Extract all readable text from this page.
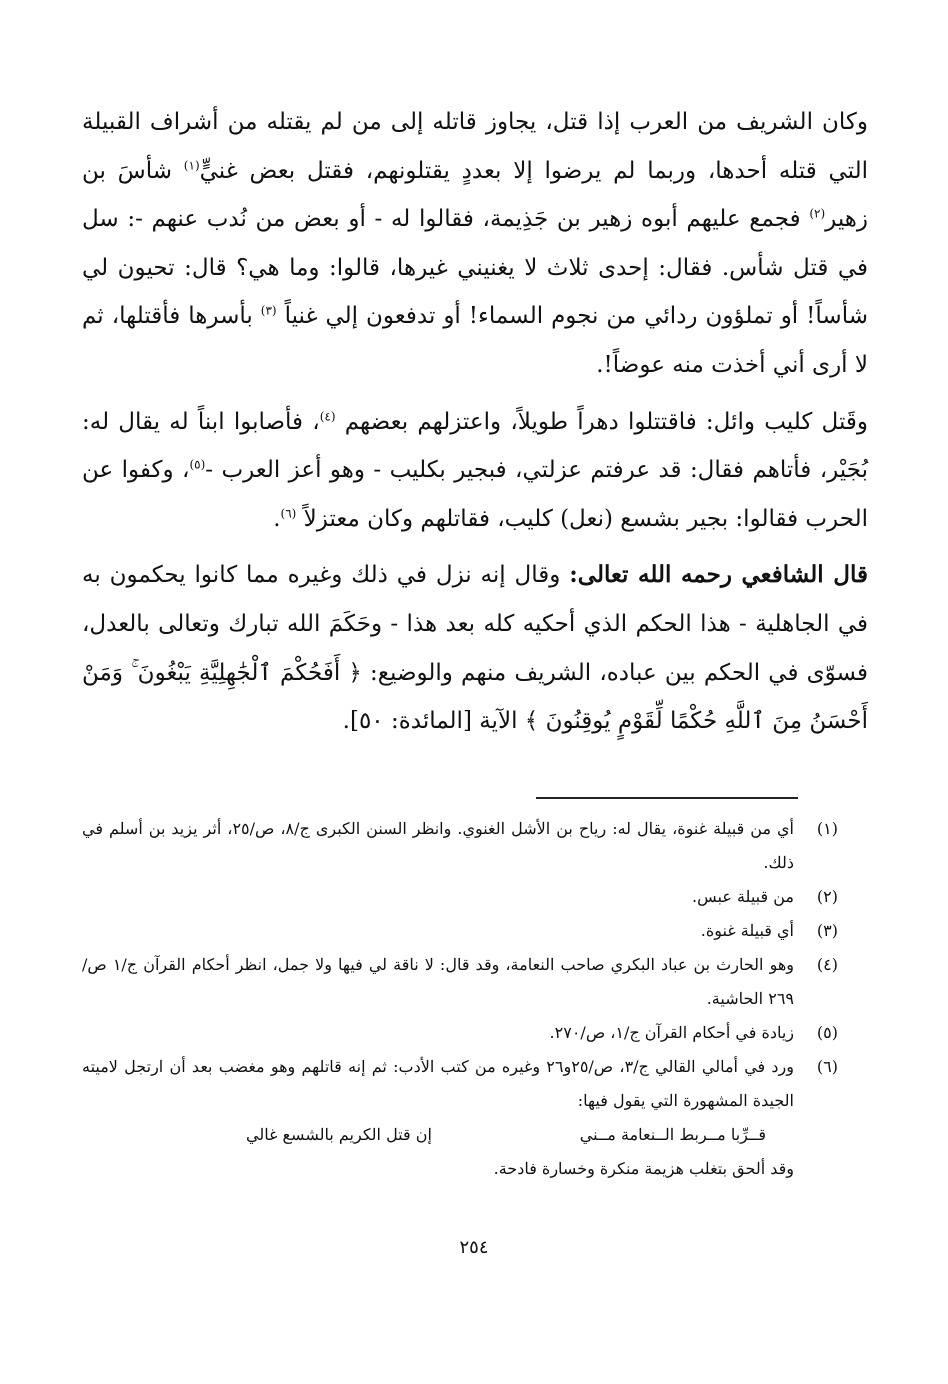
وكان الشريف من العرب إذا قتل، يجاوز قاتله إلى من لم يقتله من أشراف القبيلة التي قتله أحدها، وربما لم يرضوا إلا بعددٍ يقتلونهم، فقتل بعض غنيٍّ$^{(١)}$ شأسَ بن زهير$^{(٢)}$ فجمع عليهم أبوه زهير بن جَذِيمة، فقالوا له - أو بعض من نُدب عنهم -: سل في قتل شأس. فقال: إحدى ثلاث لا يغنيني غيرها، قالوا: وما هي؟ قال: تحيون لي شأساً! أو تملؤون ردائي من نجوم السماء! أو تدفعون إلي غنياً $^{(٣)}$ بأسرها فأقتلها، ثم لا أرى أني أخذت منه عوضاً!.

وقَتل كليب وائل: فاقتتلوا دهراً طويلاً، واعتزلهم بعضهم $^{(٤)}$، فأصابوا ابناً له يقال له: بُجَيْر، فأتاهم فقال: قد عرفتم عزلتي، فبجير بكليب - وهو أعز العرب -$^{(٥)}$، وكفوا عن الحرب فقالوا: بجير بشسع (نعل) كليب، فقاتلهم وكان معتزلاً $^{(٦)}$.

قال الشافعي رحمه الله تعالى: وقال إنه نزل في ذلك وغيره مما كانوا يحكمون به في الجاهلية - هذا الحكم الذي أحكيه كله بعد هذا - وحَكَمَ الله تبارك وتعالى بالعدل، فسوّى في الحكم بين عباده، الشريف منهم والوضيع: ﴿ أَفَحُكْمَ ٱلْجَٰهِلِيَّةِ يَبْغُونَ ۚ وَمَنْ أَحْسَنُ مِنَ ٱللَّهِ حُكْمًا لِّقَوْمٍ يُوقِنُونَ ﴾ الآية [المائدة: ٥٠].

(١)
أي من قبيلة غنوة، يقال له: رياح بن الأشل الغنوي. وانظر السنن الكبرى ج/٨، ص/٢٥، أثر يزيد بن أسلم في ذلك.
(٢)
من قبيلة عبس.
(٣)
أي قبيلة غنوة.
(٤)
وهو الحارث بن عباد البكري صاحب النعامة، وقد قال: لا ناقة لي فيها ولا جمل، انظر أحكام القرآن ج/١ ص/٢٦٩ الحاشية.
(٥)
زيادة في أحكام القرآن ج/١، ص/٢٧٠.
(٦)
ورد في أمالي القالي ج/٣، ص/٢٥و٢٦ وغيره من كتب الأدب: ثم إنه قاتلهم وهو مغضب بعد أن ارتجل لاميته الجيدة المشهورة التي يقول فيها:
قــرِّبا مــربط الــنعامة مــني
إن قتل الكريم بالشسع غالي
وقد ألحق بتغلب هزيمة منكرة وخسارة فادحة.
٢٥٤
